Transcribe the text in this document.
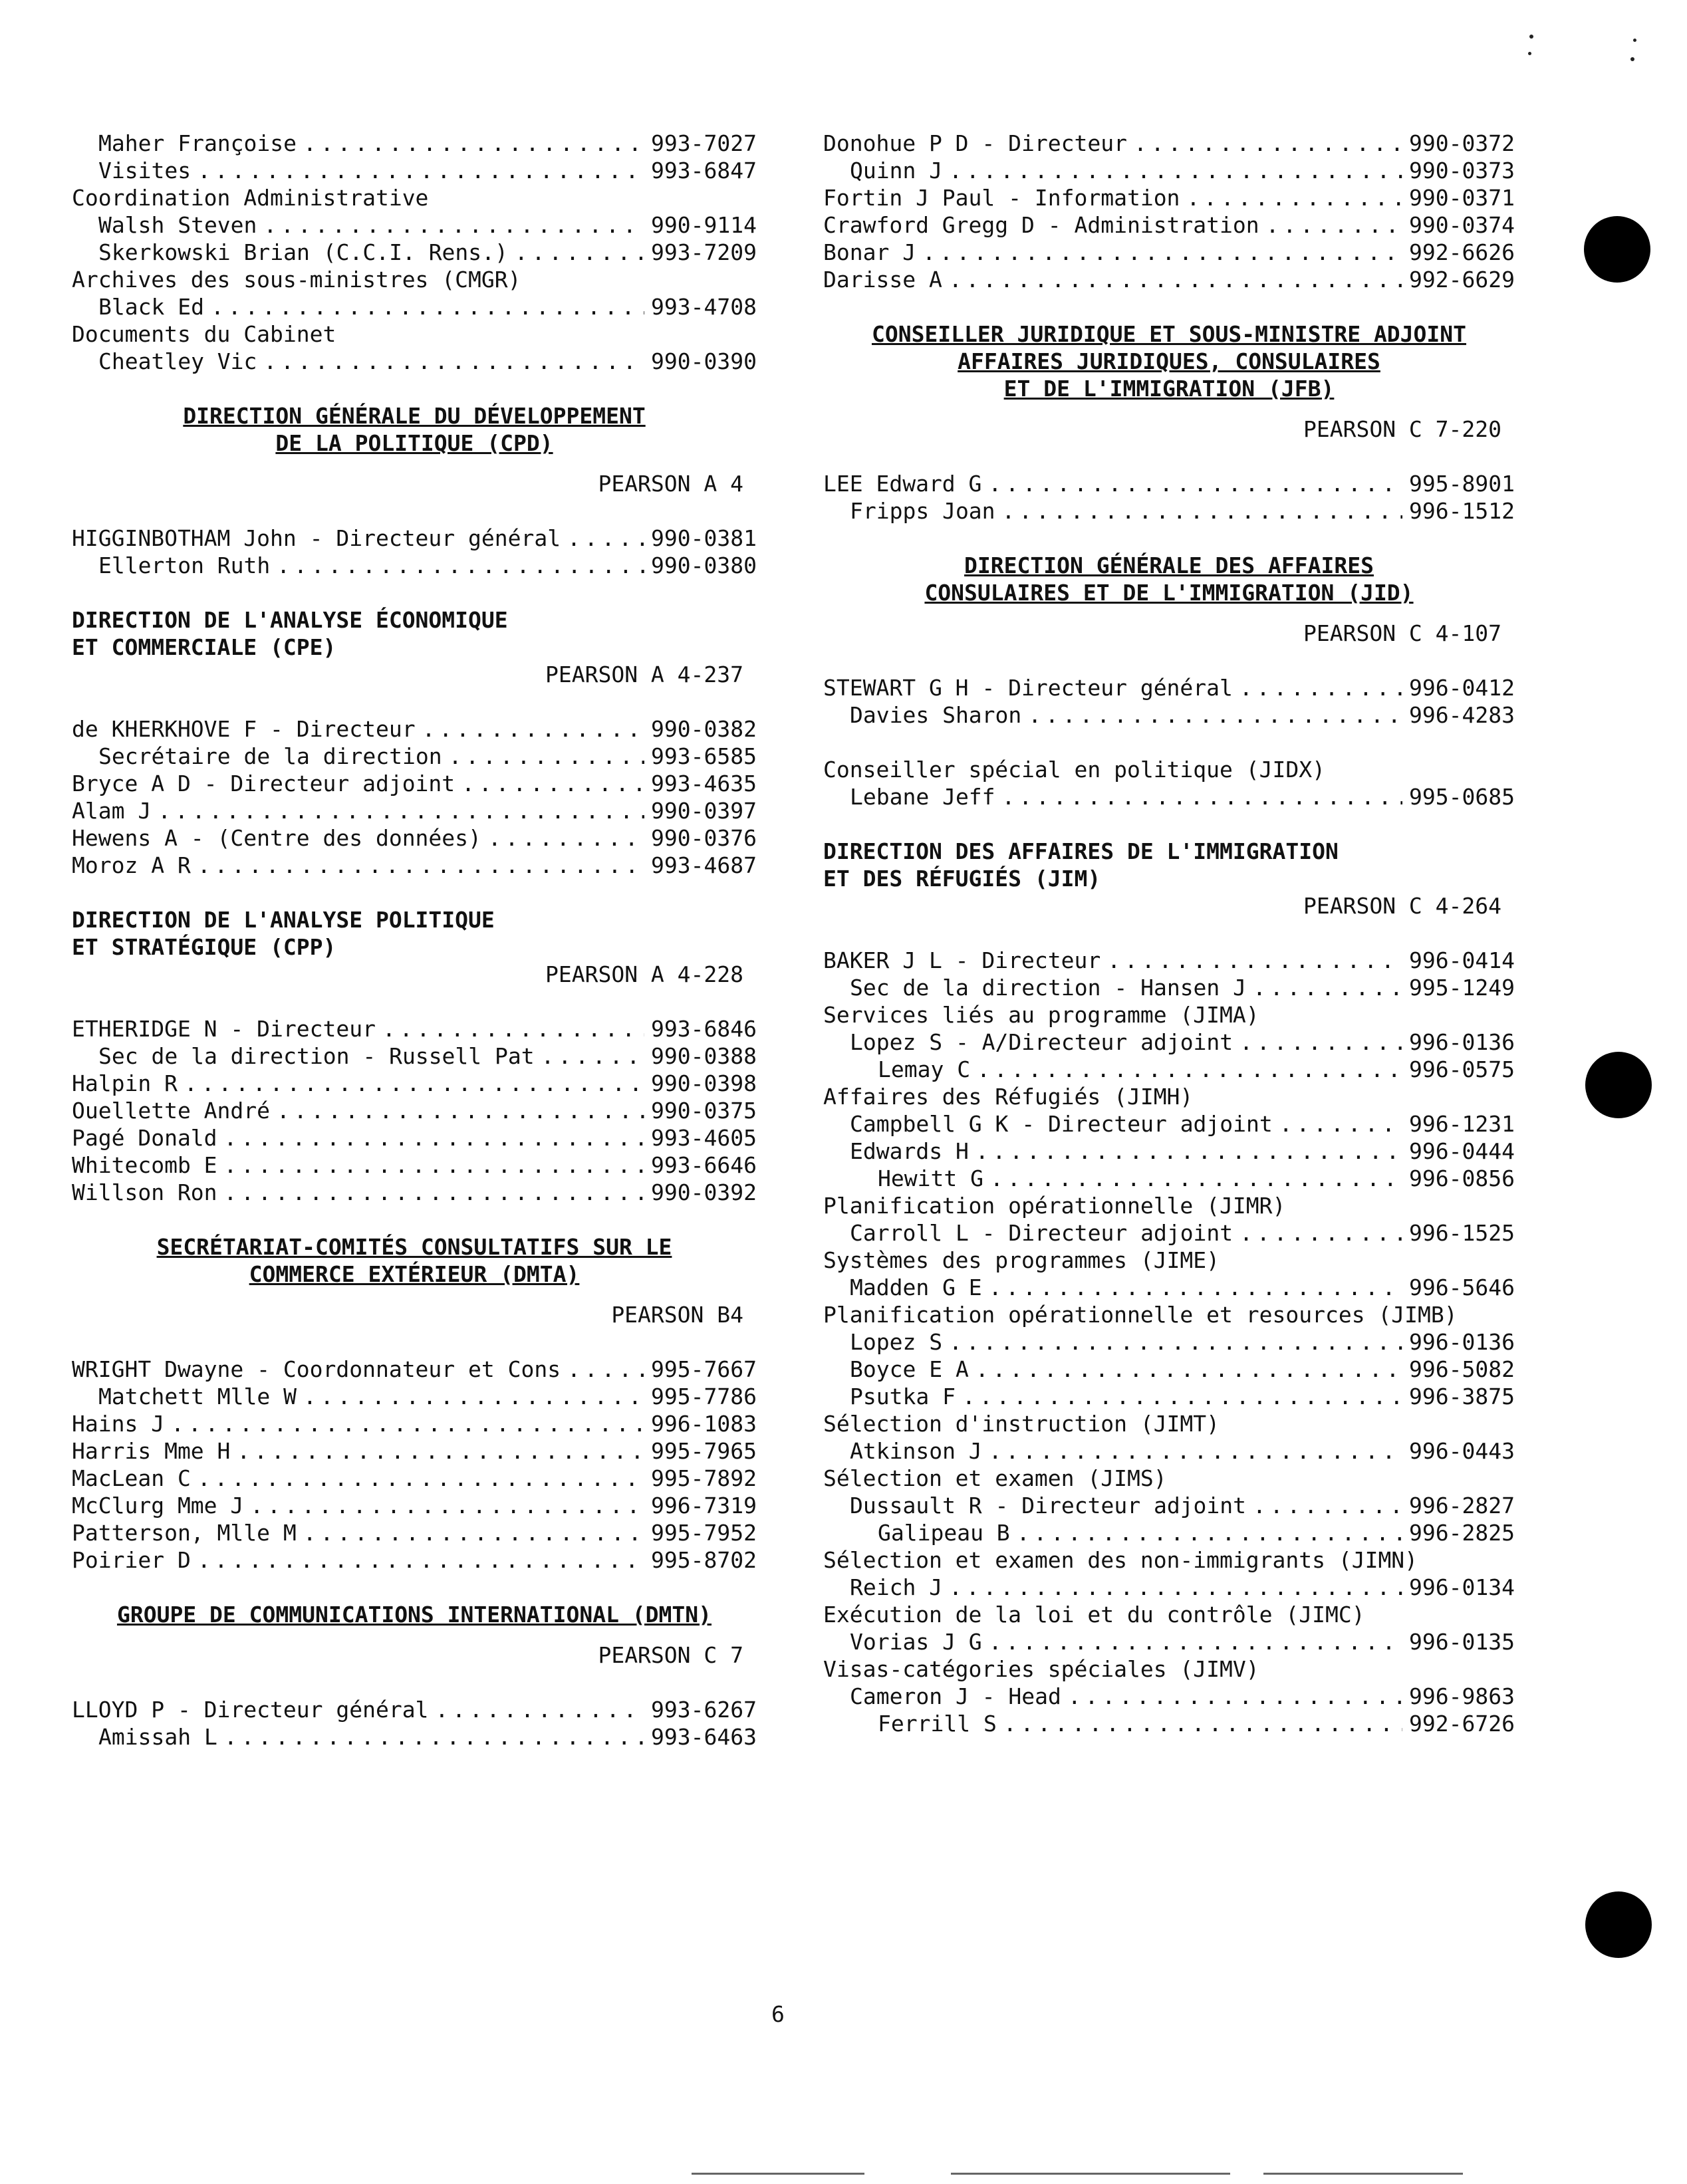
Maher Françoise . . .	993-7027
Visites . . .	993-6847
Coordination Administrative
Walsh Steven . . .	990-9114
Skerkowski Brian (C.C.I. Rens.) . . .	993-7209
Archives des sous-ministres (CMGR)
Black Ed . . .	993-4708
Documents du Cabinet
Cheatley Vic . . .	990-0390
DIRECTION GÉNÉRALE DU DÉVELOPPEMENT
DE LA POLITIQUE (CPD)
PEARSON A 4
HIGGINBOTHAM John - Directeur général . . .	990-0381
Ellerton Ruth . . .	990-0380
DIRECTION DE L'ANALYSE ÉCONOMIQUE
ET COMMERCIALE (CPE)
PEARSON A 4-237
de KHERKHOVE F - Directeur . . .	990-0382
Secrétaire de la direction . . .	993-6585
Bryce A D - Directeur adjoint . . .	993-4635
Alam J . . .	990-0397
Hewens A - (Centre des données) . . .	990-0376
Moroz A R . . .	993-4687
DIRECTION DE L'ANALYSE POLITIQUE
ET STRATÉGIQUE (CPP)
PEARSON A 4-228
ETHERIDGE N - Directeur . . .	993-6846
Sec de la direction - Russell Pat . . .	990-0388
Halpin R . . .	990-0398
Ouellette André . . .	990-0375
Pagé Donald . . .	993-4605
Whitecomb E . . .	993-6646
Willson Ron . . .	990-0392
SECRÉTARIAT-COMITÉS CONSULTATIFS SUR LE
COMMERCE EXTÉRIEUR (DMTA)
PEARSON B4
WRIGHT Dwayne - Coordonnateur et Cons . . .	995-7667
Matchett Mlle W . . .	995-7786
Hains J . . .	996-1083
Harris Mme H . . .	995-7965
MacLean C . . .	995-7892
McClurg Mme J . . .	996-7319
Patterson, Mlle M . . .	995-7952
Poirier D . . .	995-8702
GROUPE DE COMMUNICATIONS INTERNATIONAL (DMTN)
PEARSON C 7
LLOYD P - Directeur général . . .	993-6267
Amissah L . . .	993-6463
Donohue P D - Directeur . . .	990-0372
Quinn J . . .	990-0373
Fortin J Paul - Information . . .	990-0371
Crawford Gregg D - Administration . . .	990-0374
Bonar J . . .	992-6626
Darisse A . . .	992-6629
CONSEILLER JURIDIQUE ET SOUS-MINISTRE ADJOINT
AFFAIRES JURIDIQUES, CONSULAIRES
ET DE L'IMMIGRATION (JFB)
PEARSON C 7-220
LEE Edward G . . .	995-8901
Fripps Joan . . .	996-1512
DIRECTION GÉNÉRALE DES AFFAIRES
CONSULAIRES ET DE L'IMMIGRATION (JID)
PEARSON C 4-107
STEWART G H - Directeur général . . .	996-0412
Davies Sharon . . .	996-4283
Conseiller spécial en politique (JIDX)
Lebane Jeff . . .	995-0685
DIRECTION DES AFFAIRES DE L'IMMIGRATION
ET DES RÉFUGIÉS (JIM)
PEARSON C 4-264
BAKER J L - Directeur . . .	996-0414
Sec de la direction - Hansen J . . .	995-1249
Services liés au programme (JIMA)
Lopez S - A/Directeur adjoint . . .	996-0136
Lemay C . . .	996-0575
Affaires des Réfugiés (JIMH)
Campbell G K - Directeur adjoint . . .	996-1231
Edwards H . . .	996-0444
Hewitt G . . .	996-0856
Planification opérationnelle (JIMR)
Carroll L - Directeur adjoint . . .	996-1525
Systèmes des programmes (JIME)
Madden G E . . .	996-5646
Planification opérationnelle et resources (JIMB)
Lopez S . . .	996-0136
Boyce E A . . .	996-5082
Psutka F . . .	996-3875
Sélection d'instruction (JIMT)
Atkinson J . . .	996-0443
Sélection et examen (JIMS)
Dussault R - Directeur adjoint . . .	996-2827
Galipeau B . . .	996-2825
Sélection et examen des non-immigrants (JIMN)
Reich J . . .	996-0134
Exécution de la loi et du contrôle (JIMC)
Vorias J G . . .	996-0135
Visas-catégories spéciales (JIMV)
Cameron J - Head . . .	996-9863
Ferrill S . . .	992-6726
6
